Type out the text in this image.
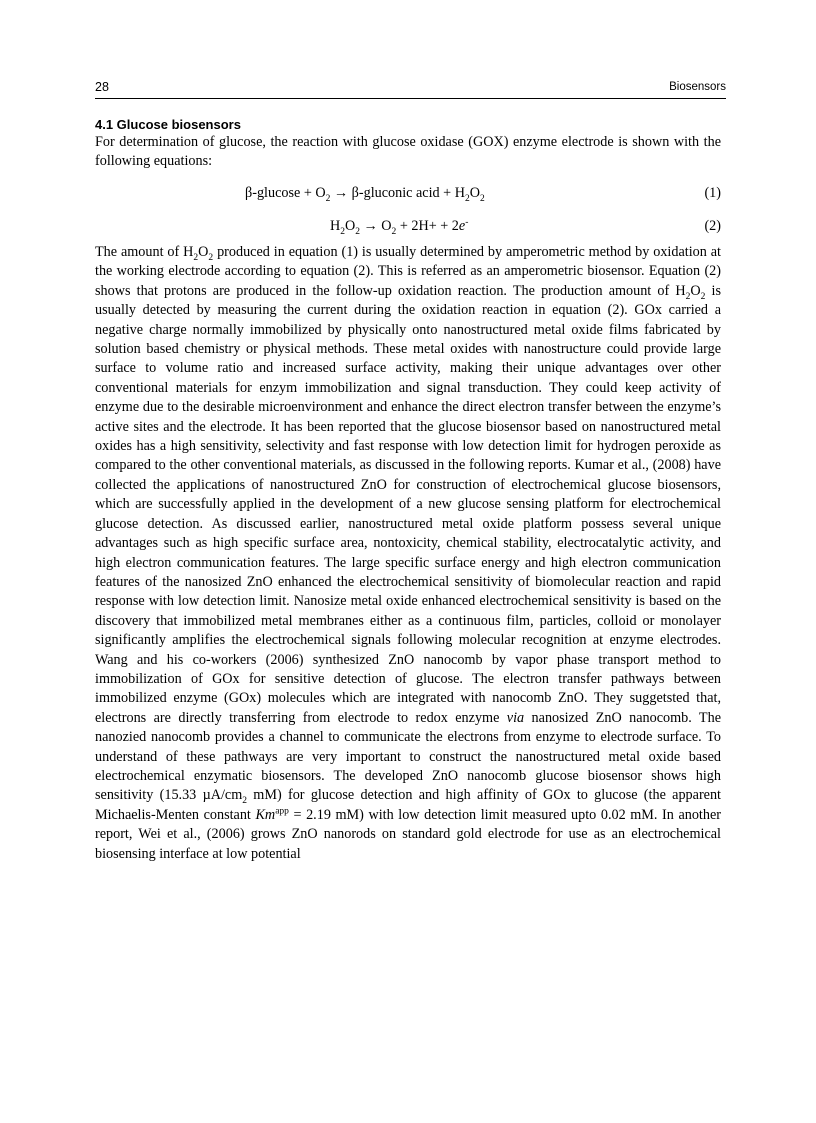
28	Biosensors
4.1 Glucose biosensors
For determination of glucose, the reaction with glucose oxidase (GOX) enzyme electrode is shown with the following equations:
$\beta-glucose + O_2$ → β-gluconic acid + $H_2O_2$	(1)
$H_2O_2 \to O_2 + 2H+ + 2e^-$	(2)
The amount of $H_2O_2$ produced in equation (1) is usually determined by amperometric method by oxidation at the working electrode according to equation (2). This is referred as an amperometric biosensor. Equation (2) shows that protons are produced in the follow-up oxidation reaction. The production amount of $H_2O_2$ is usually detected by measuring the current during the oxidation reaction in equation (2). GOx carried a negative charge normally immobilized by physically onto nanostructured metal oxide films fabricated by solution based chemistry or physical methods. These metal oxides with nanostructure could provide large surface to volume ratio and increased surface activity, making their unique advantages over other conventional materials for enzym immobilization and signal transduction. They could keep activity of enzyme due to the desirable microenvironment and enhance the direct electron transfer between the enzyme’s active sites and the electrode. It has been reported that the glucose biosensor based on nanostructured metal oxides has a high sensitivity, selectivity and fast response with low detection limit for hydrogen peroxide as compared to the other conventional materials, as discussed in the following reports. Kumar et al., (2008) have collected the applications of nanostructured ZnO for construction of electrochemical glucose biosensors, which are successfully applied in the development of a new glucose sensing platform for electrochemical glucose detection. As discussed earlier, nanostructured metal oxide platform possess several unique advantages such as high specific surface area, nontoxicity, chemical stability, electrocatalytic activity, and high electron communication features. The large specific surface energy and high electron communication features of the nanosized ZnO enhanced the electrochemical sensitivity of biomolecular reaction and rapid response with low detection limit. Nanosize metal oxide enhanced electrochemical sensitivity is based on the discovery that immobilized metal membranes either as a continuous film, particles, colloid or monolayer significantly amplifies the electrochemical signals following molecular recognition at enzyme electrodes. Wang and his co-workers (2006) synthesized ZnO nanocomb by vapor phase transport method to immobilization of GOx for sensitive detection of glucose. The electron transfer pathways between immobilized enzyme (GOx) molecules which are integrated with nanocomb ZnO. They suggetsted that, electrons are directly transferring from electrode to redox enzyme via nanosized ZnO nanocomb. The nanozied nanocomb provides a channel to communicate the electrons from enzyme to electrode surface. To understand of these pathways are very important to construct the nanostructured metal oxide based electrochemical enzymatic biosensors. The developed ZnO nanocomb glucose biosensor shows high sensitivity (15.33 $\mu A/cm_2$ mM) for glucose detection and high affinity of GOx to glucose (the apparent Michaelis-Menten constant $Km^{app} = 2.19$ mM) with low detection limit measured upto 0.02 mM. In another report, Wei et al., (2006) grows ZnO nanorods on standard gold electrode for use as an electrochemical biosensing interface at low potential
